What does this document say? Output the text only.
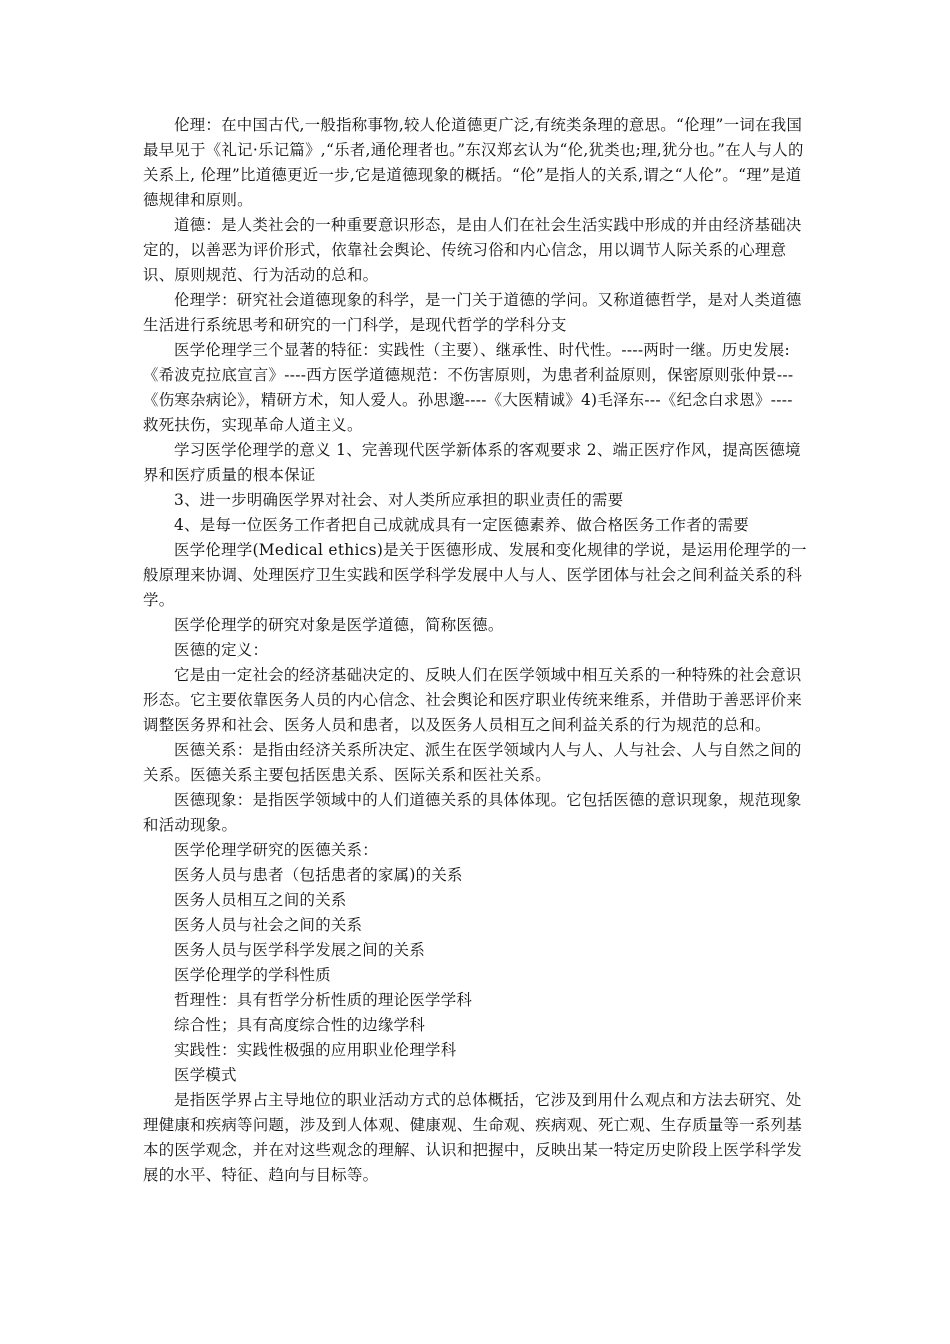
伦理：在中国古代,一般指称事物,较人伦道德更广泛,有统类条理的意思。“伦理”一词在我国最早见于《礼记·乐记篇》,“乐者,通伦理者也。”东汉郑玄认为“伦,犹类也;理,犹分也。”在人与人的关系上, 伦理”比道德更近一步,它是道德现象的概括。“伦”是指人的关系,谓之“人伦”。“理”是道德规律和原则。

道德：是人类社会的一种重要意识形态，是由人们在社会生活实践中形成的并由经济基础决定的，以善恶为评价形式，依靠社会舆论、传统习俗和内心信念，用以调节人际关系的心理意识、原则规范、行为活动的总和。

伦理学：研究社会道德现象的科学，是一门关于道德的学问。又称道德哲学，是对人类道德生活进行系统思考和研究的一门科学，是现代哲学的学科分支

医学伦理学三个显著的特征：实践性（主要）、继承性、时代性。----两时一继。历史发展:《希波克拉底宣言》----西方医学道德规范：不伤害原则，为患者利益原则，保密原则张仲景---《伤寒杂病论》，精研方术，知人爱人。孙思邈----《大医精诚》4)毛泽东---《纪念白求恩》----救死扶伤，实现革命人道主义。

学习医学伦理学的意义 1、完善现代医学新体系的客观要求 2、端正医疗作风，提高医德境界和医疗质量的根本保证

3、进一步明确医学界对社会、对人类所应承担的职业责任的需要

4、是每一位医务工作者把自己成就成具有一定医德素养、做合格医务工作者的需要

医学伦理学(Medical ethics)是关于医德形成、发展和变化规律的学说，是运用伦理学的一般原理来协调、处理医疗卫生实践和医学科学发展中人与人、医学团体与社会之间利益关系的科学。

医学伦理学的研究对象是医学道德，简称医德。

医德的定义：

它是由一定社会的经济基础决定的、反映人们在医学领域中相互关系的一种特殊的社会意识形态。它主要依靠医务人员的内心信念、社会舆论和医疗职业传统来维系，并借助于善恶评价来调整医务界和社会、医务人员和患者，以及医务人员相互之间利益关系的行为规范的总和。

医德关系：是指由经济关系所决定、派生在医学领域内人与人、人与社会、人与自然之间的关系。医德关系主要包括医患关系、医际关系和医社关系。

医德现象：是指医学领域中的人们道德关系的具体体现。它包括医德的意识现象，规范现象和活动现象。

医学伦理学研究的医德关系：

医务人员与患者（包括患者的家属)的关系

医务人员相互之间的关系

医务人员与社会之间的关系

医务人员与医学科学发展之间的关系

医学伦理学的学科性质

哲理性：具有哲学分析性质的理论医学学科

综合性；具有高度综合性的边缘学科

实践性：实践性极强的应用职业伦理学科

医学模式

是指医学界占主导地位的职业活动方式的总体概括，它涉及到用什么观点和方法去研究、处理健康和疾病等问题，涉及到人体观、健康观、生命观、疾病观、死亡观、生存质量等一系列基本的医学观念，并在对这些观念的理解、认识和把握中，反映出某一特定历史阶段上医学科学发展的水平、特征、趋向与目标等。
